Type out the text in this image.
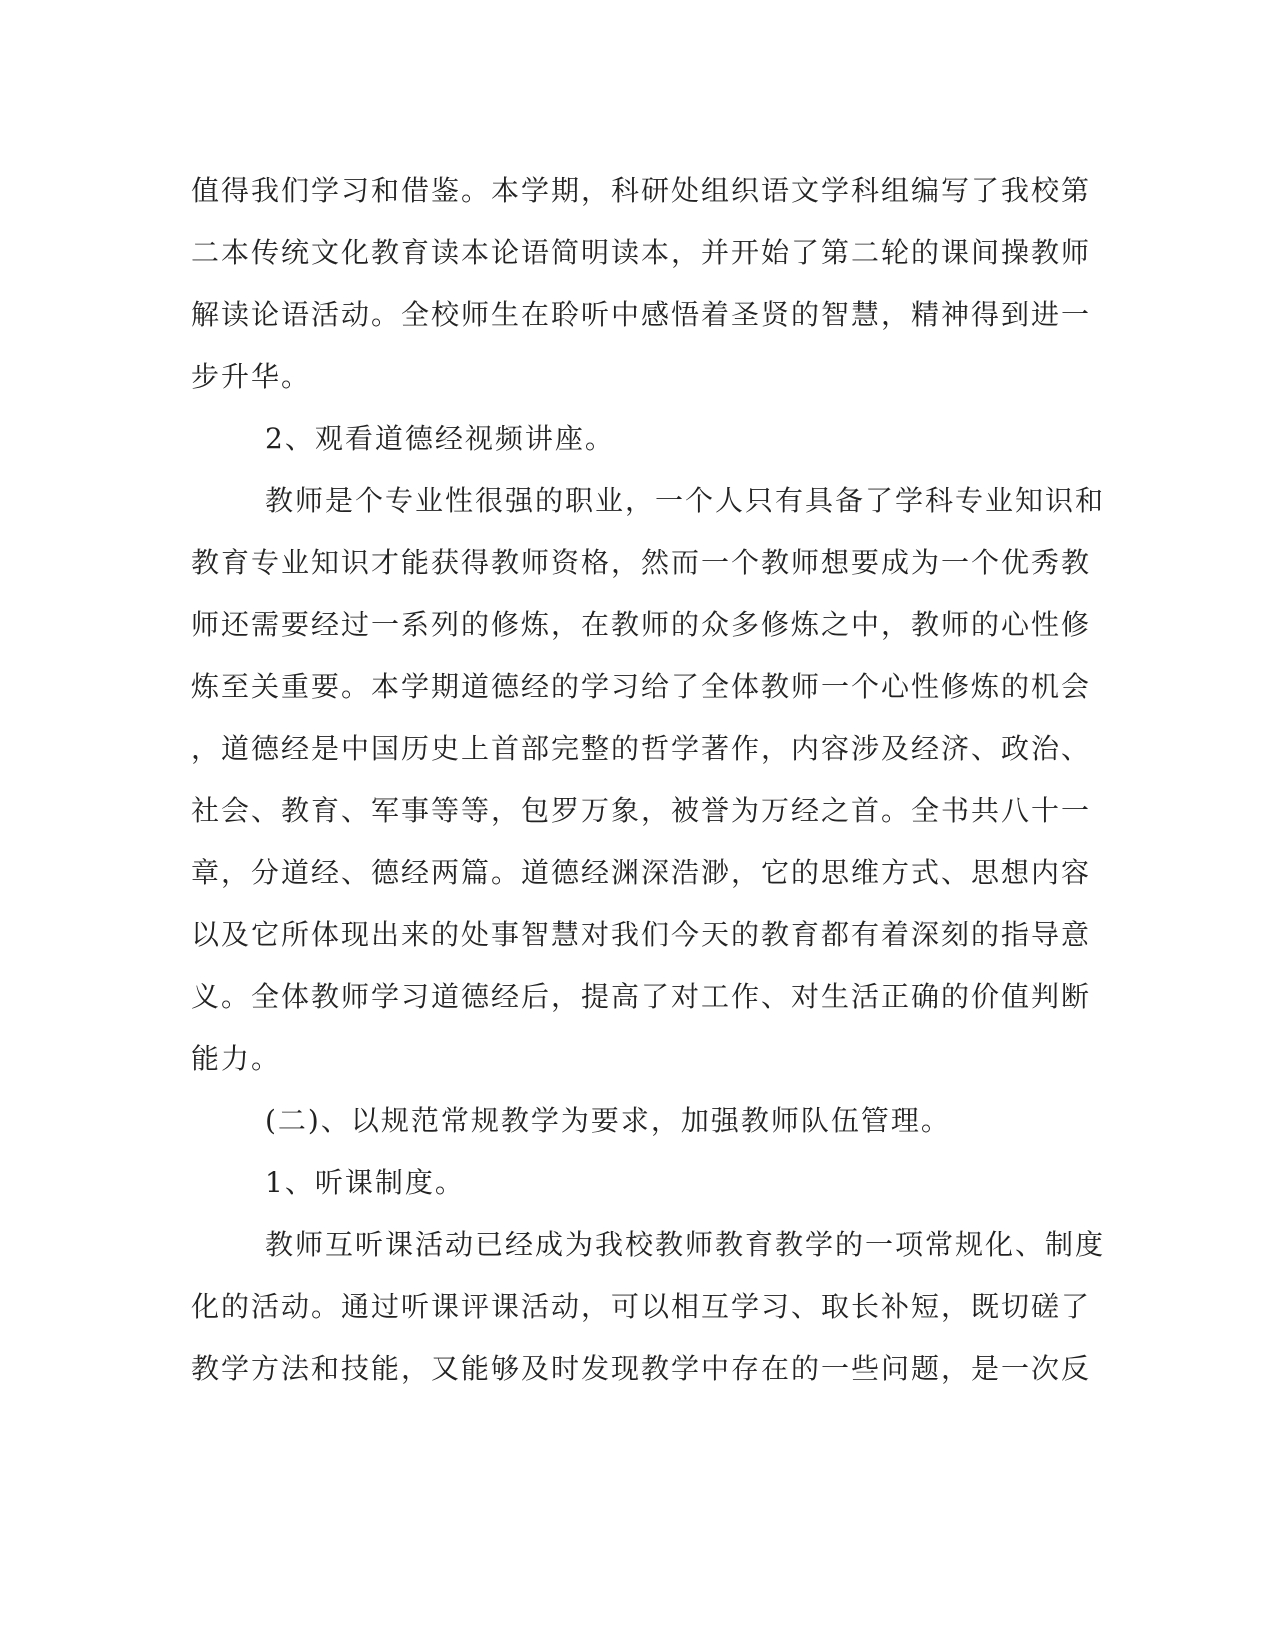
值得我们学习和借鉴。本学期，科研处组织语文学科组编写了我校第
二本传统文化教育读本论语简明读本，并开始了第二轮的课间操教师
解读论语活动。全校师生在聆听中感悟着圣贤的智慧，精神得到进一
步升华。
2、观看道德经视频讲座。
教师是个专业性很强的职业，一个人只有具备了学科专业知识和
教育专业知识才能获得教师资格，然而一个教师想要成为一个优秀教
师还需要经过一系列的修炼，在教师的众多修炼之中，教师的心性修
炼至关重要。本学期道德经的学习给了全体教师一个心性修炼的机会
，道德经是中国历史上首部完整的哲学著作，内容涉及经济、政治、
社会、教育、军事等等，包罗万象，被誉为万经之首。全书共八十一
章，分道经、德经两篇。道德经渊深浩渺，它的思维方式、思想内容
以及它所体现出来的处事智慧对我们今天的教育都有着深刻的指导意
义。全体教师学习道德经后，提高了对工作、对生活正确的价值判断
能力。
(二)、以规范常规教学为要求，加强教师队伍管理。
1、听课制度。
教师互听课活动已经成为我校教师教育教学的一项常规化、制度
化的活动。通过听课评课活动，可以相互学习、取长补短，既切磋了
教学方法和技能，又能够及时发现教学中存在的一些问题，是一次反
